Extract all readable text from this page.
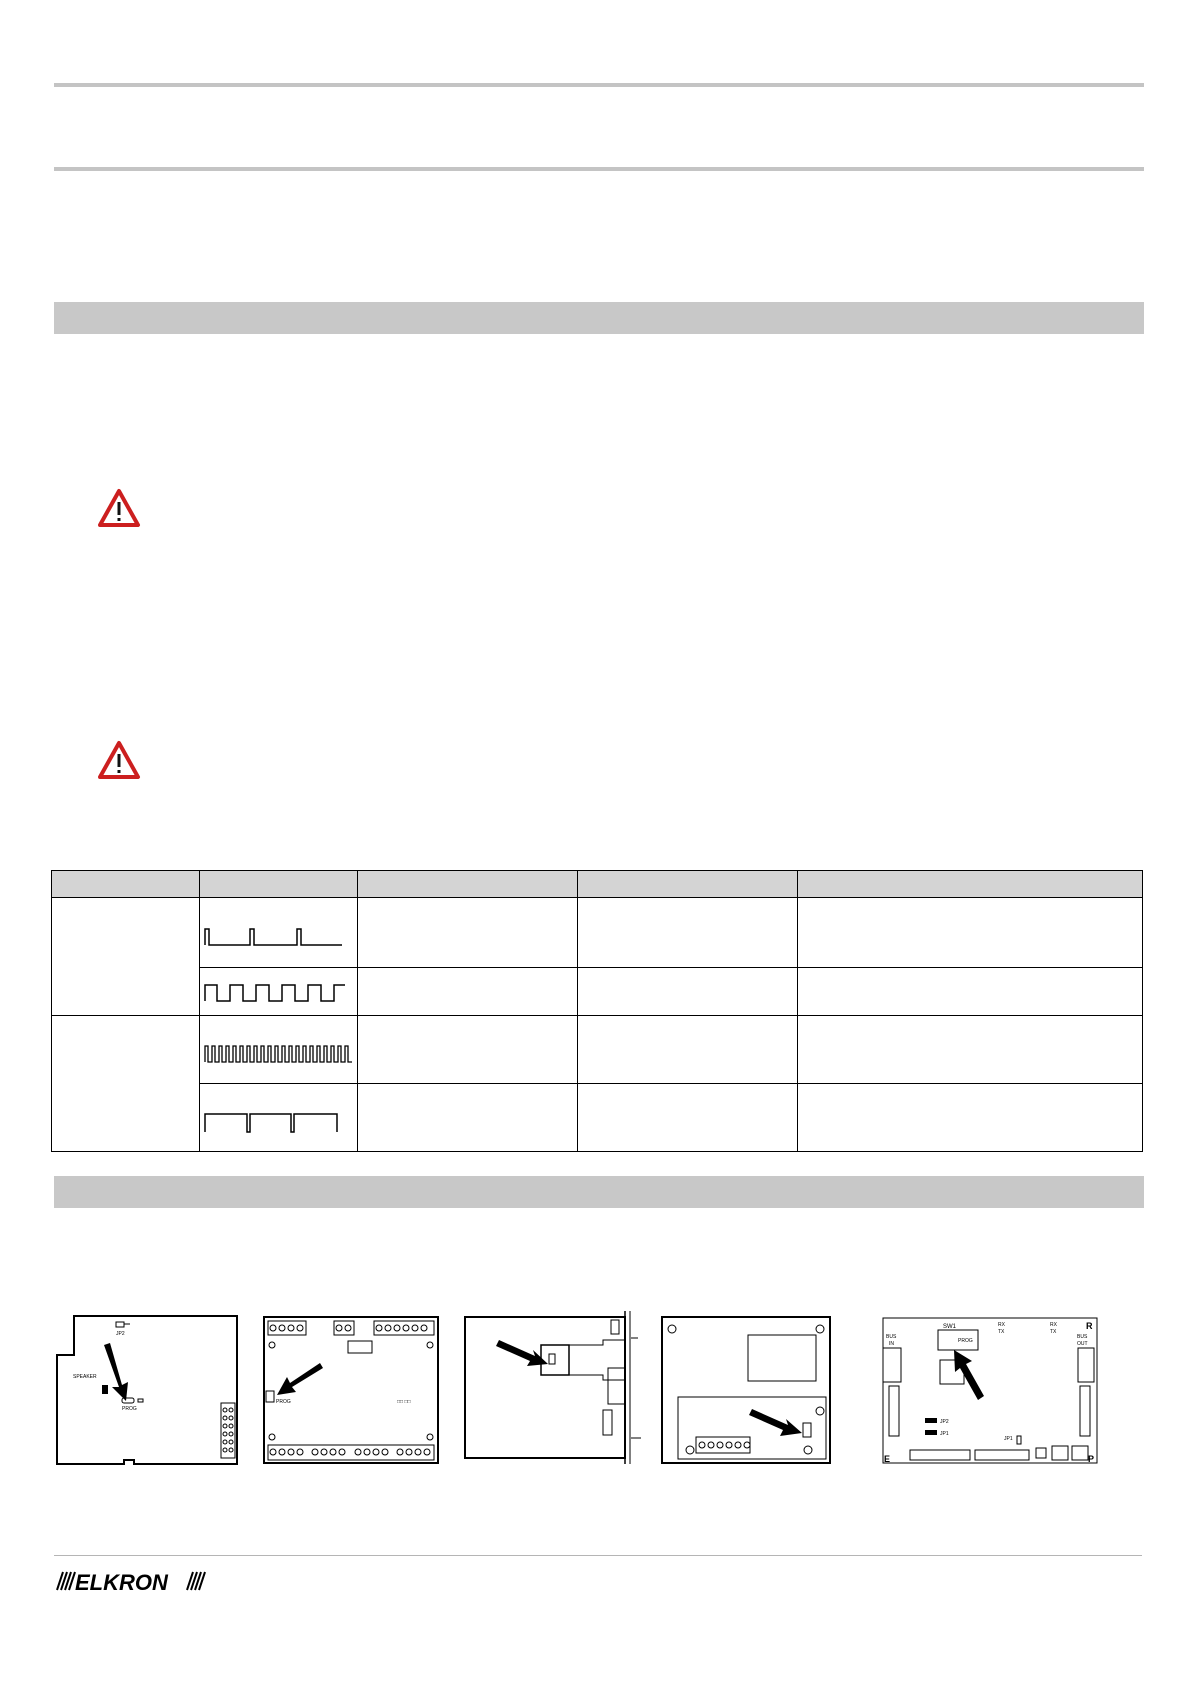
JP2
SPEAKER
PROG
PROG	□□ □□
SW1
PROG
BUS
IN
BUS
OUT
RX
TX
RX
TX
JP2
JP1
JP1
R
E	P
ELKRON
